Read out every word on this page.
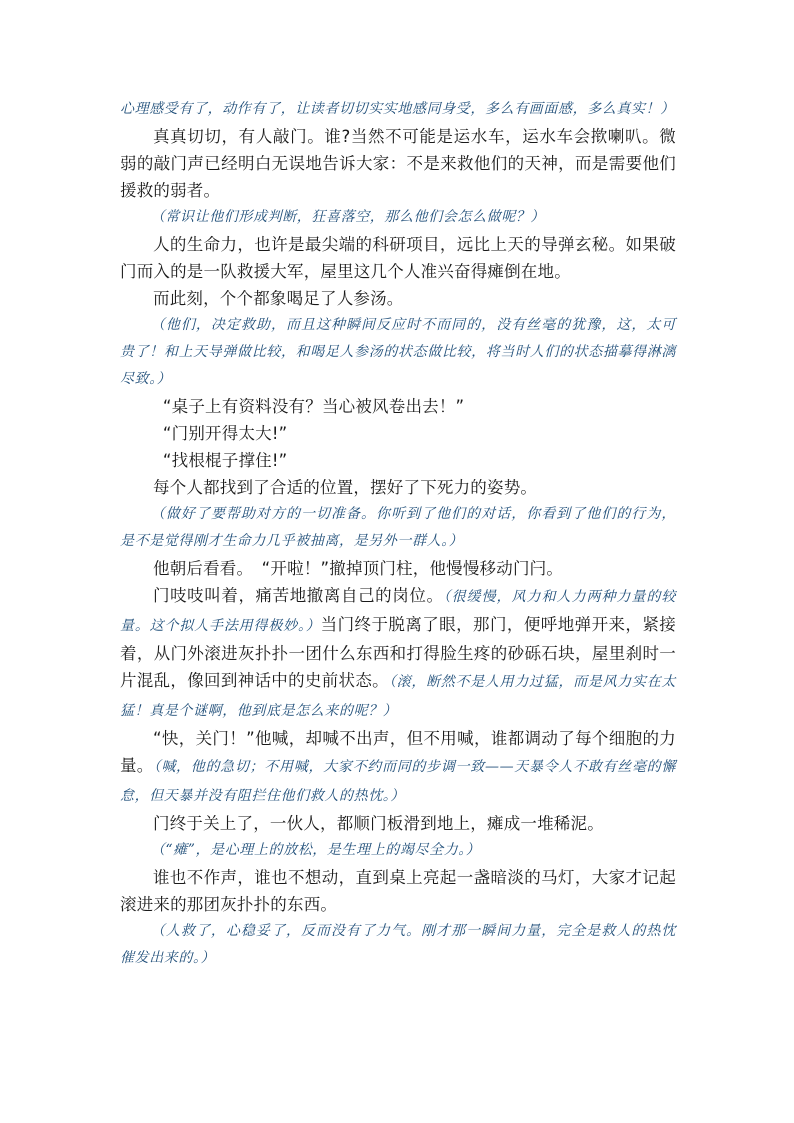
心理感受有了，动作有了，让读者切切实实地感同身受，多么有画面感，多么真实！）

真真切切，有人敲门。谁?当然不可能是运水车，运水车会揿喇叭。微弱的敲门声已经明白无误地告诉大家：不是来救他们的天神，而是需要他们援救的弱者。

（常识让他们形成判断，狂喜落空，那么他们会怎么做呢？）

人的生命力，也许是最尖端的科研项目，远比上天的导弹玄秘。如果破门而入的是一队救援大军，屋里这几个人准兴奋得瘫倒在地。

而此刻，个个都象喝足了人参汤。

（他们，决定救助，而且这种瞬间反应时不而同的，没有丝毫的犹豫，这，太可贵了！和上天导弹做比较，和喝足人参汤的状态做比较，将当时人们的状态描摹得淋漓尽致。）

“桌子上有资料没有？当心被风卷出去！”

“门别开得太大!”

“找根棍子撑住!”

每个人都找到了合适的位置，摆好了下死力的姿势。

（做好了要帮助对方的一切准备。你听到了他们的对话，你看到了他们的行为，是不是觉得刚才生命力几乎被抽离，是另外一群人。）

他朝后看看。　“开啦！”撤掉顶门柱，他慢慢移动门闩。

门吱吱叫着，痛苦地撤离自己的岗位。（很缓慢，风力和人力两种力量的较量。这个拟人手法用得极妙。）当门终于脱离了眼，那门，便呼地弹开来，紧接着，从门外滚进灰扑扑一团什么东西和打得脸生疼的砂砾石块，屋里刹时一片混乱，像回到神话中的史前状态。（滚，断然不是人用力过猛，而是风力实在太猛！真是个谜啊，他到底是怎么来的呢？）

“快，关门！”他喊，却喊不出声，但不用喊，谁都调动了每个细胞的力量。（喊，他的急切；不用喊，大家不约而同的步调一致——天暴令人不敢有丝毫的懈怠，但天暴并没有阻拦住他们救人的热忱。）

门终于关上了，一伙人，都顺门板滑到地上，瘫成一堆稀泥。

（“瘫”，是心理上的放松，是生理上的竭尽全力。）

谁也不作声，谁也不想动，直到桌上亮起一盏暗淡的马灯，大家才记起滚进来的那团灰扑扑的东西。

（人救了，心稳妥了，反而没有了力气。刚才那一瞬间力量，完全是救人的热忱催发出来的。）
